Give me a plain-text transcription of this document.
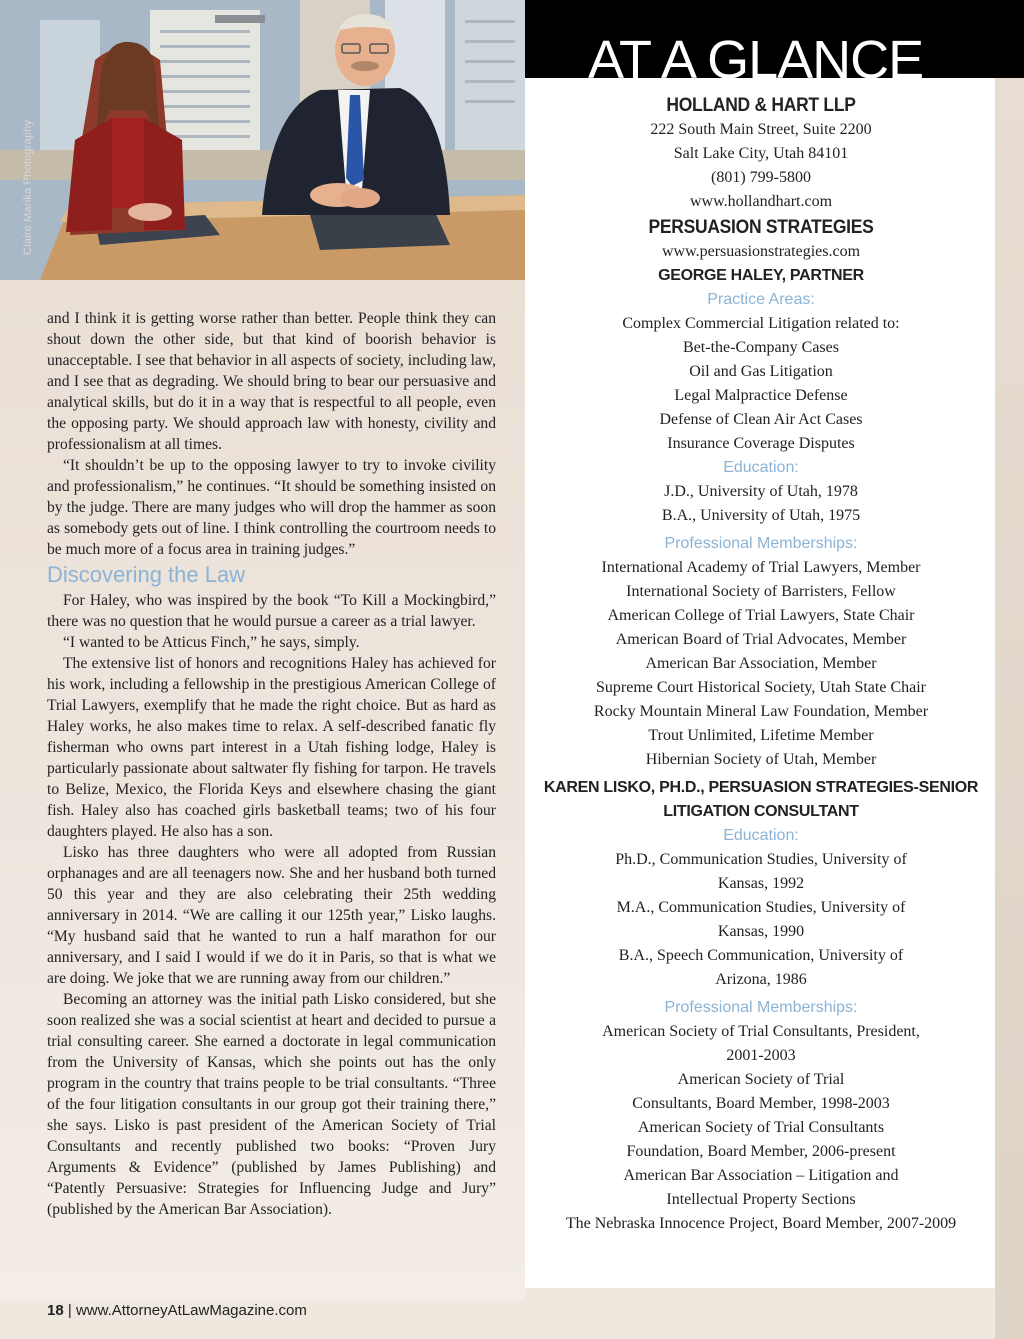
Claire Marika Photography
AT A GLANCE

HOLLAND & HART LLP

222 South Main Street, Suite 2200

Salt Lake City, Utah 84101

(801) 799-5800

www.hollandhart.com

PERSUASION STRATEGIES

www.persuasionstrategies.com

GEORGE HALEY, PARTNER

Practice Areas:

Complex Commercial Litigation related to:

Bet-the-Company Cases

Oil and Gas Litigation

Legal Malpractice Defense

Defense of Clean Air Act Cases

Insurance Coverage Disputes

Education:

J.D., University of Utah, 1978

B.A., University of Utah, 1975

Professional Memberships:

International Academy of Trial Lawyers, Member

International Society of Barristers, Fellow

American College of Trial Lawyers, State Chair

American Board of Trial Advocates, Member

American Bar Association, Member

Supreme Court Historical Society, Utah State Chair

Rocky Mountain Mineral Law Foundation, Member

Trout Unlimited, Lifetime Member

Hibernian Society of Utah, Member

KAREN LISKO, PH.D., PERSUASION STRATEGIES-SENIOR

LITIGATION CONSULTANT

Education:

Ph.D., Communication Studies, University of

Kansas, 1992

M.A., Communication Studies, University of

Kansas, 1990

B.A., Speech Communication, University of

Arizona, 1986

Professional Memberships:

American Society of Trial Consultants, President,

2001-2003

American Society of Trial

Consultants, Board Member, 1998-2003

American Society of Trial Consultants

Foundation, Board Member, 2006-present

American Bar Association – Litigation and

Intellectual Property Sections

The Nebraska Innocence Project, Board Member, 2007-2009

and I think it is getting worse rather than better. People think they can shout down the other side, but that kind of boorish behavior is unacceptable. I see that behavior in all aspects of society, including law, and I see that as degrading. We should bring to bear our persuasive and analytical skills, but do it in a way that is respectful to all people, even the opposing party. We should approach law with honesty, civility and professionalism at all times.

“It shouldn’t be up to the opposing lawyer to try to invoke civility and professionalism,” he continues. “It should be something insisted on by the judge. There are many judges who will drop the hammer as soon as somebody gets out of line. I think controlling the courtroom needs to be much more of a focus area in training judges.”

Discovering the Law

For Haley, who was inspired by the book “To Kill a Mockingbird,” there was no question that he would pursue a career as a trial lawyer.

“I wanted to be Atticus Finch,” he says, simply.

The extensive list of honors and recognitions Haley has achieved for his work, including a fellowship in the prestigious American College of Trial Lawyers, exemplify that he made the right choice. But as hard as Haley works, he also makes time to relax. A self-described fanatic fly fisherman who owns part interest in a Utah fishing lodge, Haley is particularly passionate about saltwater fly fishing for tarpon. He travels to Belize, Mexico, the Florida Keys and elsewhere chasing the giant fish. Haley also has coached girls basketball teams; two of his four daughters played. He also has a son.

Lisko has three daughters who were all adopted from Russian orphanages and are all teenagers now. She and her husband both turned 50 this year and they are also celebrating their 25th wedding anniversary in 2014. “We are calling it our 125th year,” Lisko laughs. “My husband said that he wanted to run a half marathon for our anniversary, and I said I would if we do it in Paris, so that is what we are doing. We joke that we are running away from our children.”

Becoming an attorney was the initial path Lisko considered, but she soon realized she was a social scientist at heart and decided to pursue a trial consulting career. She earned a doctorate in legal communication from the University of Kansas, which she points out has the only program in the country that trains people to be trial consultants. “Three of the four litigation consultants in our group got their training there,” she says. Lisko is past president of the American Society of Trial Consultants and recently published two books: “Proven Jury Arguments & Evidence” (published by James Publishing) and “Patently Persuasive: Strategies for Influencing Judge and Jury” (published by the American Bar Association).

18 | www.AttorneyAtLawMagazine.com
